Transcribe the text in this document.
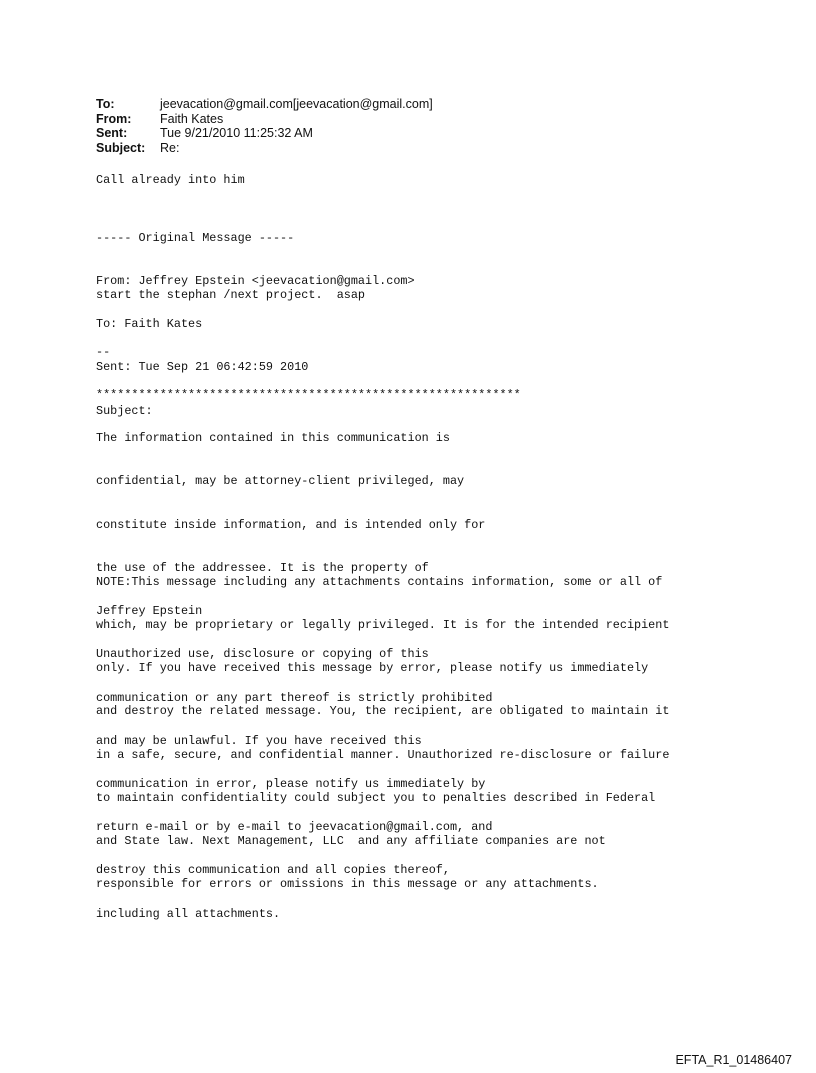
To:	jeevacation@gmail.com[jeevacation@gmail.com]
From:	Faith Kates
Sent:	Tue 9/21/2010 11:25:32 AM
Subject:	Re:
Call already into him

----- Original Message -----

From: Jeffrey Epstein <jeevacation@gmail.com>

To: Faith Kates

Sent: Tue Sep 21 06:42:59 2010

Subject:

start the stephan /next project.  asap

--

************************************************************

The information contained in this communication is

confidential, may be attorney-client privileged, may

constitute inside information, and is intended only for

the use of the addressee. It is the property of

Jeffrey Epstein

Unauthorized use, disclosure or copying of this

communication or any part thereof is strictly prohibited

and may be unlawful. If you have received this

communication in error, please notify us immediately by

return e-mail or by e-mail to jeevacation@gmail.com, and

destroy this communication and all copies thereof,

including all attachments.

NOTE:This message including any attachments contains information, some or all of

which, may be proprietary or legally privileged. It is for the intended recipient

only. If you have received this message by error, please notify us immediately

and destroy the related message. You, the recipient, are obligated to maintain it

in a safe, secure, and confidential manner. Unauthorized re-disclosure or failure

to maintain confidentiality could subject you to penalties described in Federal

and State law. Next Management, LLC  and any affiliate companies are not

responsible for errors or omissions in this message or any attachments.

EFTA_R1_01486407
